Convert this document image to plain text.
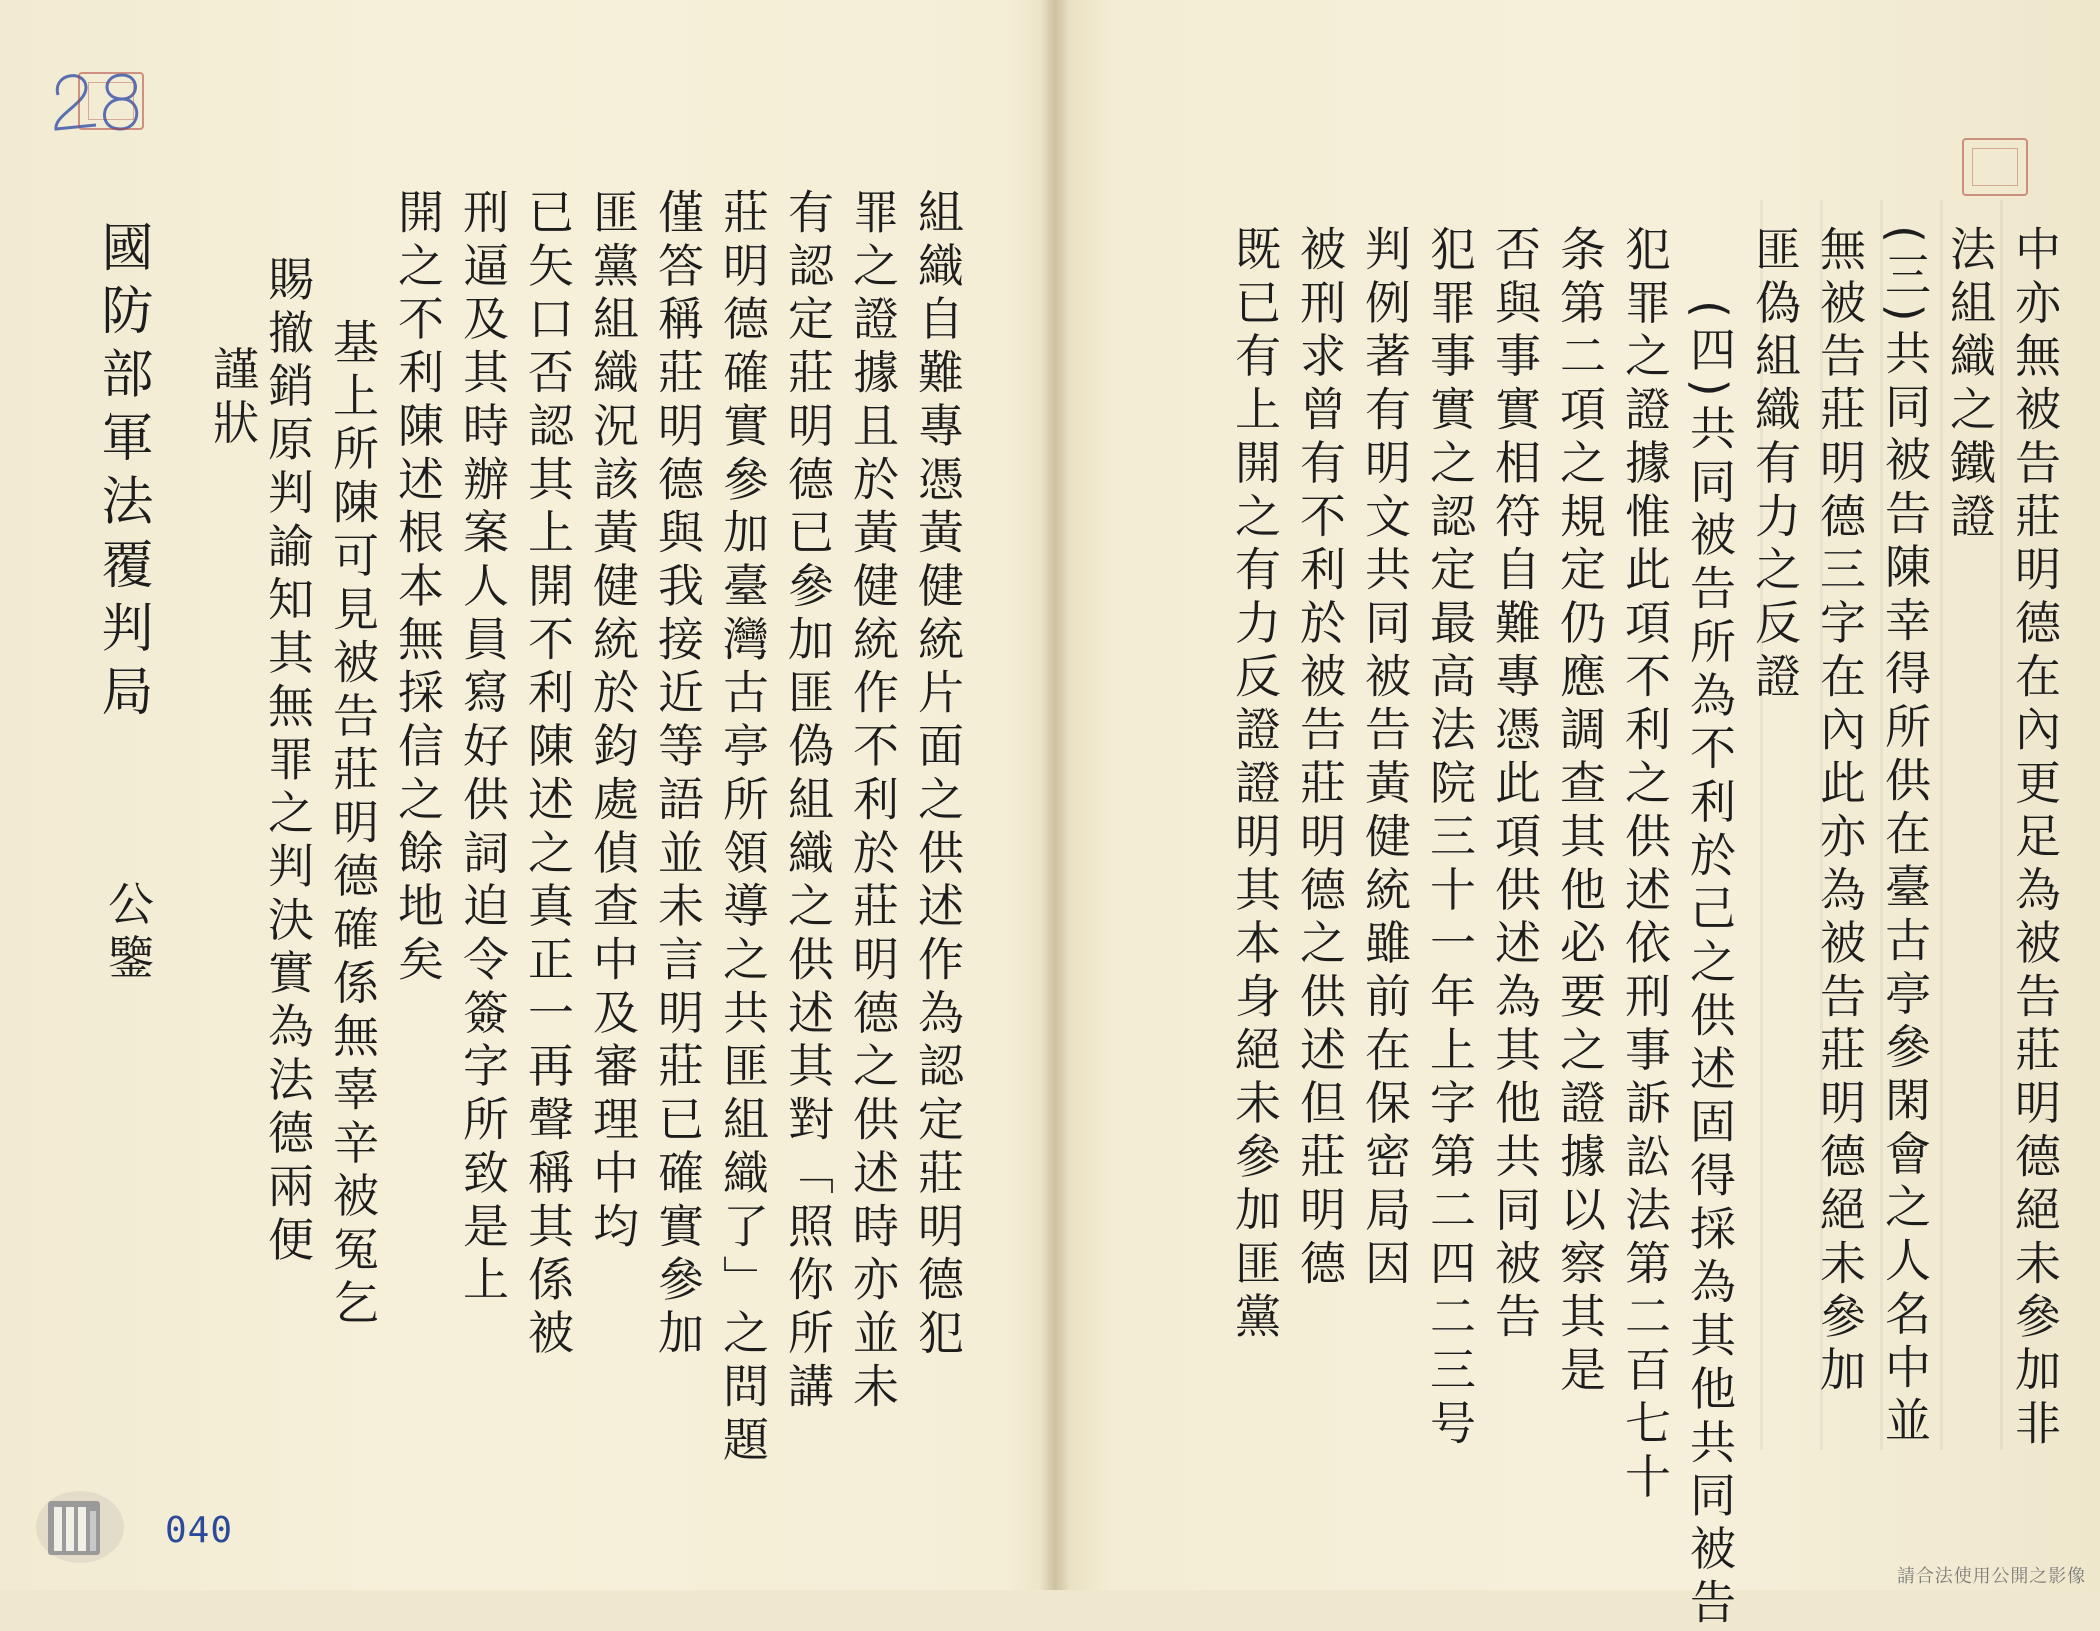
組織自難專憑黃健統片面之供述作為認定莊明德犯
罪之證據且於黃健統作不利於莊明德之供述時亦並未
有認定莊明德已參加匪偽組織之供述其對「照你所講
莊明德確實參加臺灣古亭所領導之共匪組織了」之問題
僅答稱莊明德與我接近等語並未言明莊已確實參加
匪黨組織況該黃健統於鈞處偵查中及審理中均
已矢口否認其上開不利陳述之真正一再聲稱其係被
刑逼及其時辦案人員寫好供詞迫令簽字所致是上
開之不利陳述根本無採信之餘地矣
基上所陳可見被告莊明德確係無辜辛被冤乞
賜撤銷原判諭知其無罪之判決實為法德兩便
謹狀
國防部軍法覆判局
公鑒
040
中亦無被告莊明德在內更足為被告莊明德絕未參加非
法組織之鐵證
(三)共同被告陳幸得所供在臺古亭參閑會之人名中並
無被告莊明德三字在內此亦為被告莊明德絕未參加
匪偽組織有力之反證
(四)共同被告所為不利於己之供述固得採為其他共同被告
犯罪之證據惟此項不利之供述依刑事訴訟法第二百七十
条第二項之規定仍應調查其他必要之證據以察其是
否與事實相符自難專憑此項供述為其他共同被告
犯罪事實之認定最高法院三十一年上字第二四二三号
判例著有明文共同被告黃健統雖前在保密局因
被刑求曾有不利於被告莊明德之供述但莊明德
既已有上開之有力反證證明其本身絕未參加匪黨
請合法使用公開之影像
